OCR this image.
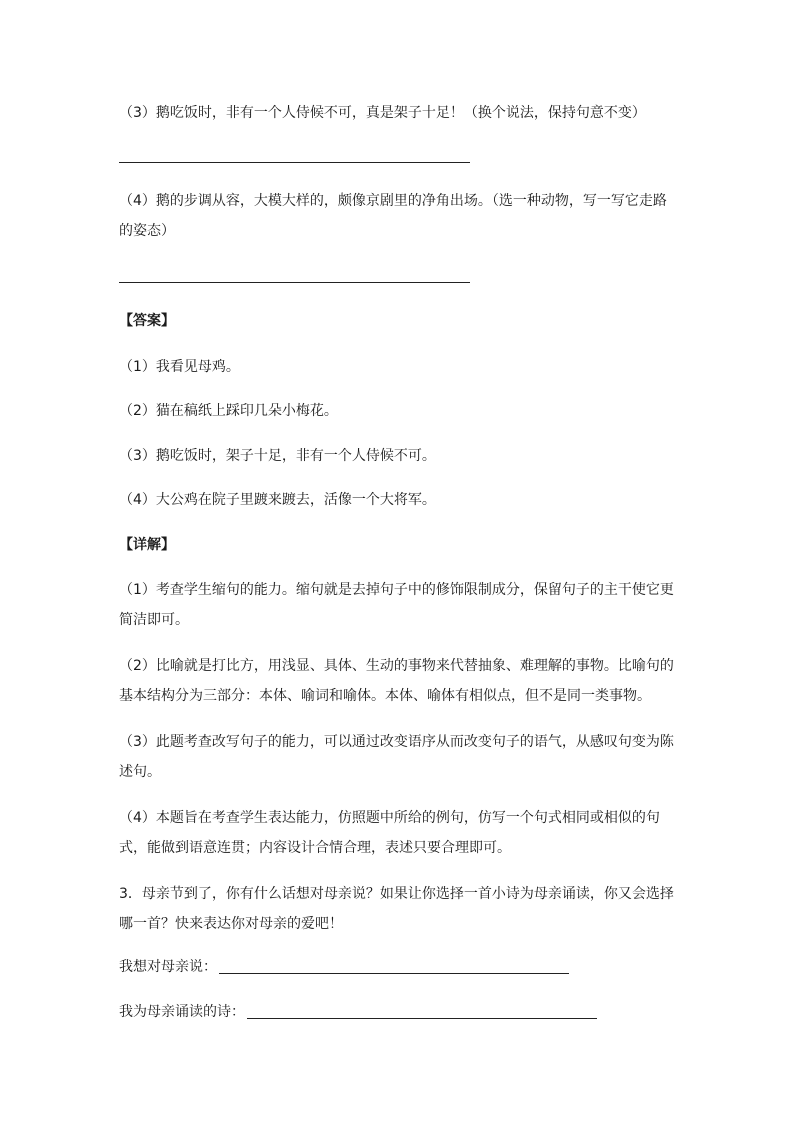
（3）鹅吃饭时，非有一个人侍候不可，真是架子十足！（换个说法，保持句意不变）
（4）鹅的步调从容，大模大样的，颇像京剧里的净角出场。（选一种动物，写一写它走路的姿态）
【答案】
（1）我看见母鸡。
（2）猫在稿纸上踩印几朵小梅花。
（3）鹅吃饭时，架子十足，非有一个人侍候不可。
（4）大公鸡在院子里踱来踱去，活像一个大将军。
【详解】
（1）考查学生缩句的能力。缩句就是去掉句子中的修饰限制成分，保留句子的主干使它更简洁即可。
（2）比喻就是打比方，用浅显、具体、生动的事物来代替抽象、难理解的事物。比喻句的基本结构分为三部分：本体、喻词和喻体。本体、喻体有相似点，但不是同一类事物。
（3）此题考查改写句子的能力，可以通过改变语序从而改变句子的语气，从感叹句变为陈述句。
（4）本题旨在考查学生表达能力，仿照题中所给的例句，仿写一个句式相同或相似的句式，能做到语意连贯；内容设计合情合理，表述只要合理即可。
3．母亲节到了，你有什么话想对母亲说？如果让你选择一首小诗为母亲诵读，你又会选择哪一首？快来表达你对母亲的爱吧！
我想对母亲说：
我为母亲诵读的诗：
